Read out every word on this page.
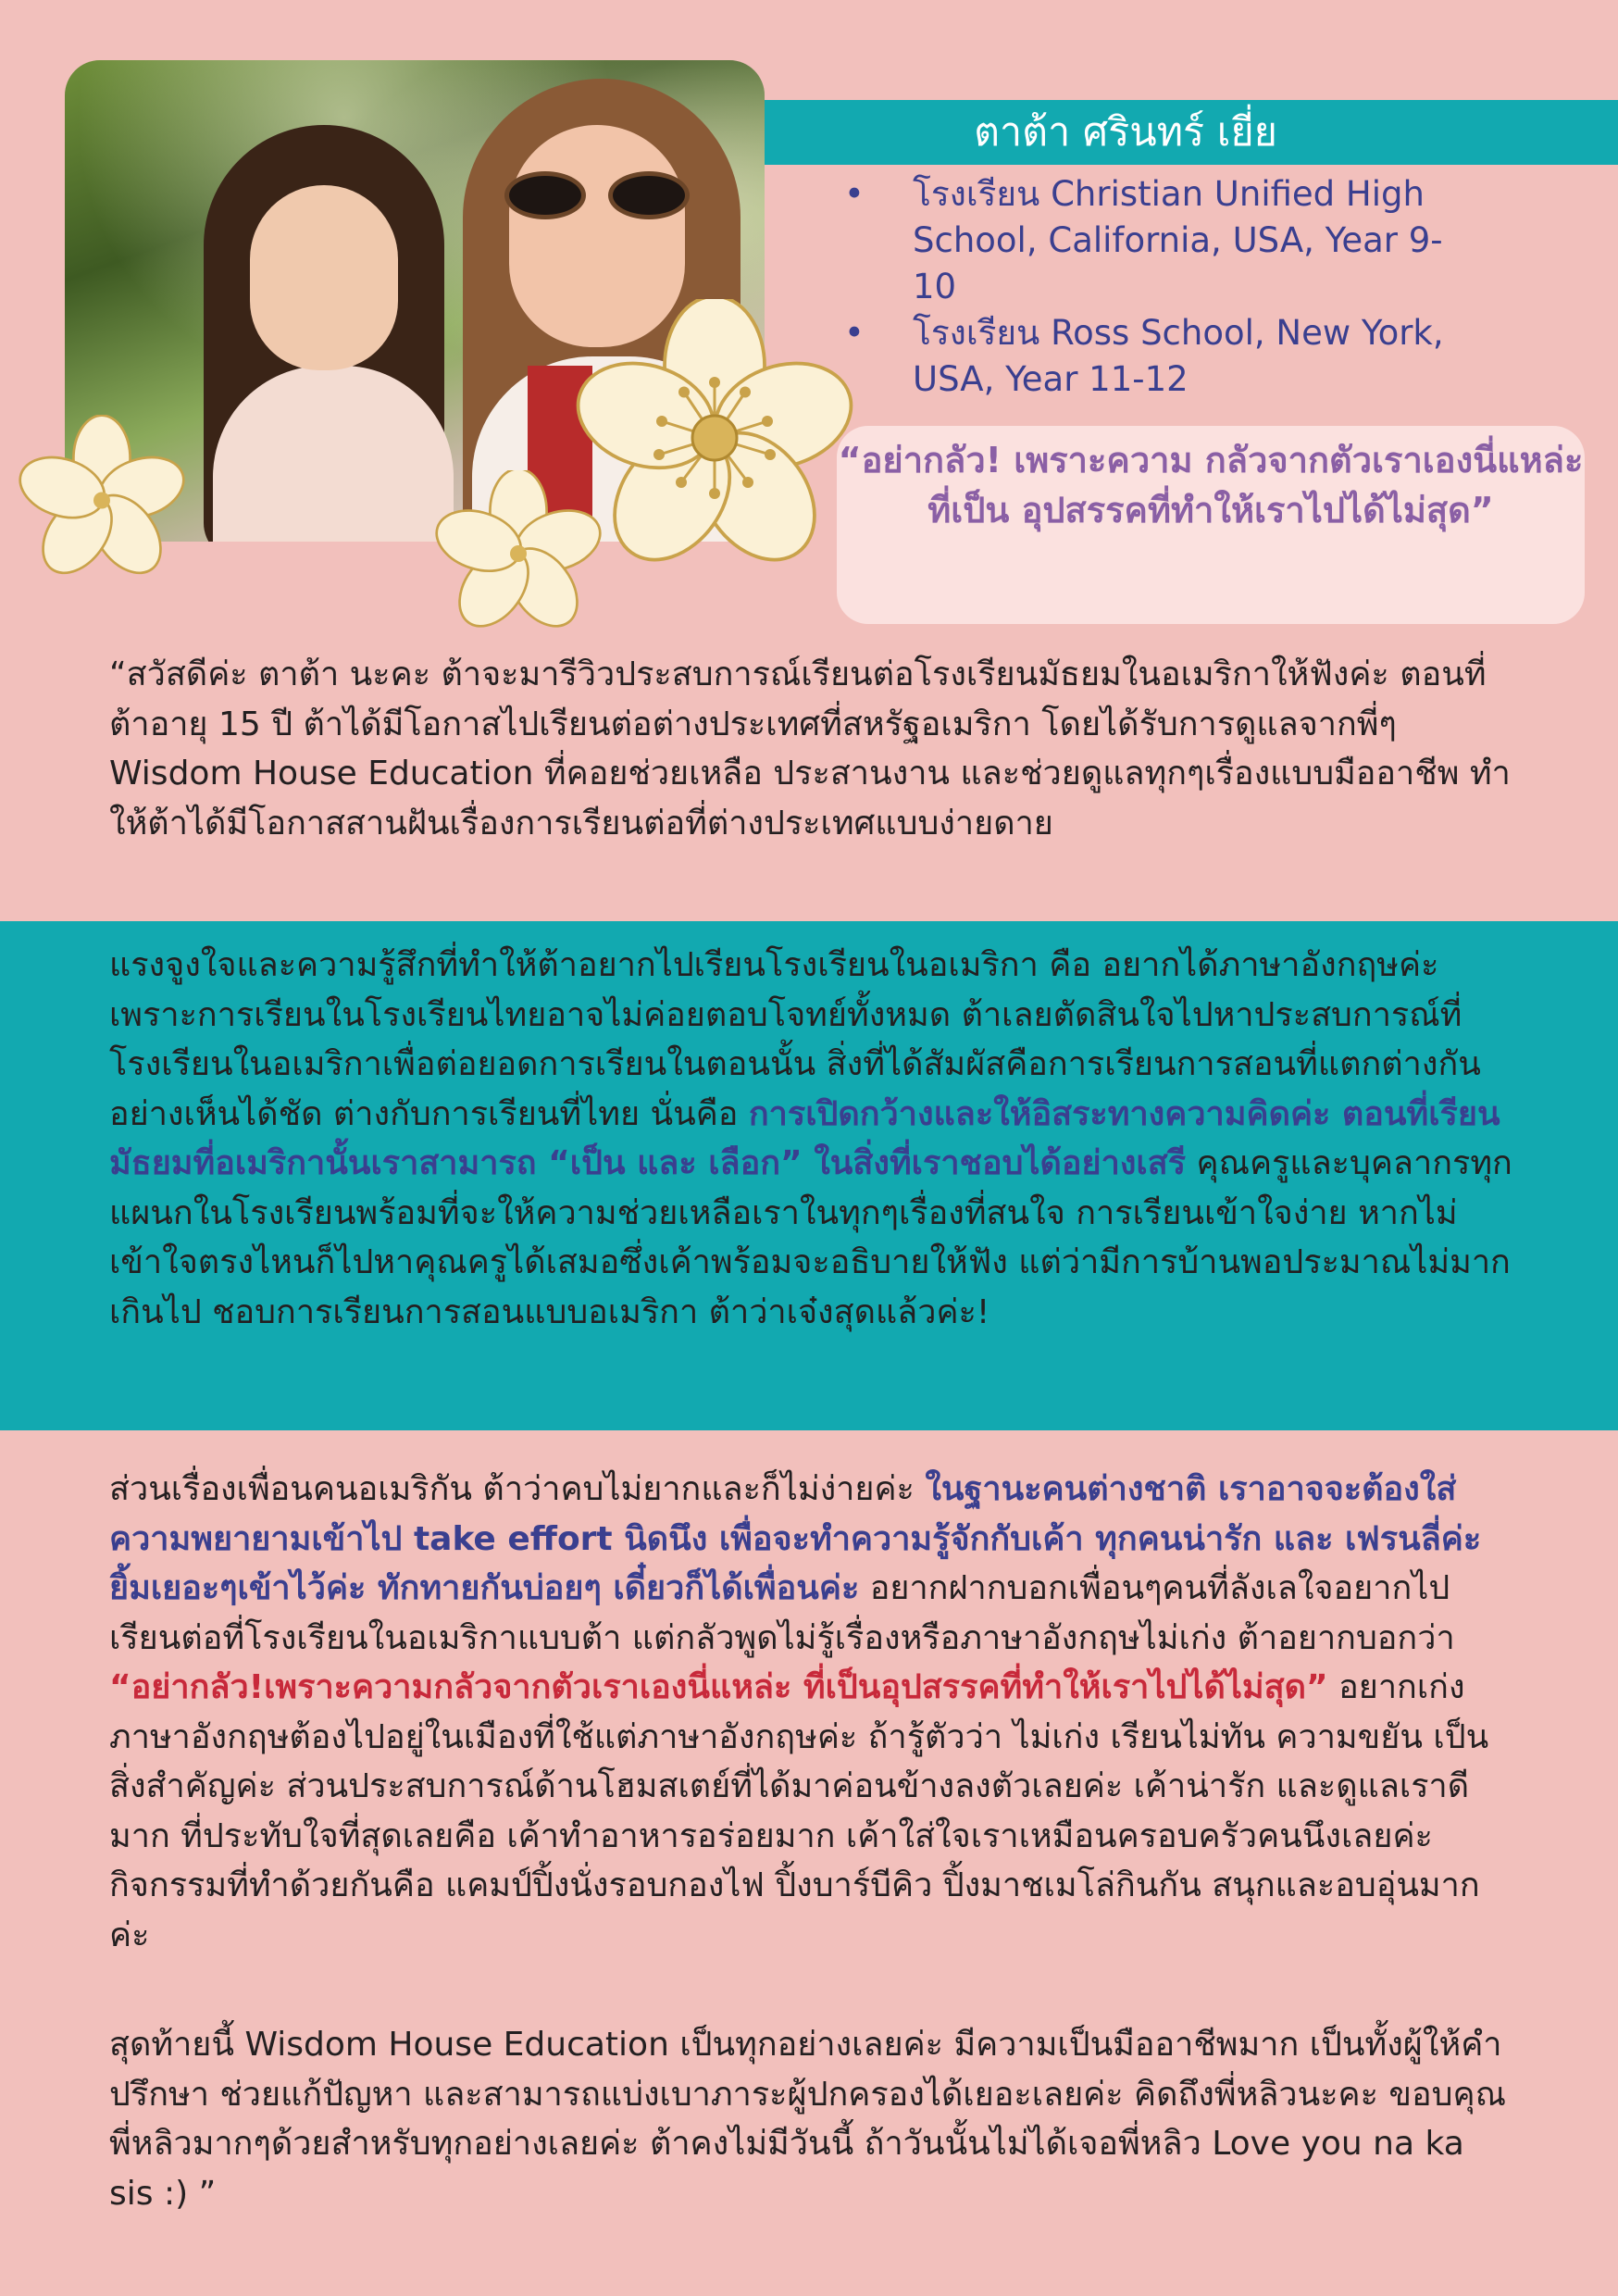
ตาต้า ศรินทร์ เยี่ย
• โรงเรียน Christian Unified High School, California, USA, Year 9-10
• โรงเรียน Ross School, New York, USA, Year 11-12
“อย่ากลัว! เพราะความ กลัวจากตัวเราเองนี่แหล่ะ ที่เป็น อุปสรรคที่ทำให้เราไปได้ไม่สุด”

“สวัสดีค่ะ ตาต้า นะคะ ต้าจะมารีวิวประสบการณ์เรียนต่อโรงเรียนมัธยมในอเมริกาให้ฟังค่ะ ตอนที่ต้าอายุ 15 ปี ต้าได้มีโอกาสไปเรียนต่อต่างประเทศที่สหรัฐอเมริกา โดยได้รับการดูแลจากพี่ๆ Wisdom House Education ที่คอยช่วยเหลือ ประสานงาน และช่วยดูแลทุกๆเรื่องแบบมืออาชีพ ทำให้ต้าได้มีโอกาสสานฝันเรื่องการเรียนต่อที่ต่างประเทศแบบง่ายดาย

แรงจูงใจและความรู้สึกที่ทำให้ต้าอยากไปเรียนโรงเรียนในอเมริกา คือ อยากได้ภาษาอังกฤษค่ะ เพราะการเรียนในโรงเรียนไทยอาจไม่ค่อยตอบโจทย์ทั้งหมด ต้าเลยตัดสินใจไปหาประสบการณ์ที่โรงเรียนในอเมริกาเพื่อต่อยอดการเรียนในตอนนั้น สิ่งที่ได้สัมผัสคือการเรียนการสอนที่แตกต่างกันอย่างเห็นได้ชัด ต่างกับการเรียนที่ไทย นั่นคือ การเปิดกว้างและให้อิสระทางความคิดค่ะ ตอนที่เรียนมัธยมที่อเมริกานั้นเราสามารถ “เป็น และ เลือก” ในสิ่งที่เราชอบได้อย่างเสรี คุณครูและบุคลากรทุกแผนกในโรงเรียนพร้อมที่จะให้ความช่วยเหลือเราในทุกๆเรื่องที่สนใจ การเรียนเข้าใจง่าย หากไม่เข้าใจตรงไหนก็ไปหาคุณครูได้เสมอซึ่งเค้าพร้อมจะอธิบายให้ฟัง แต่ว่ามีการบ้านพอประมาณไม่มากเกินไป ชอบการเรียนการสอนแบบอเมริกา ต้าว่าเจ๋งสุดแล้วค่ะ!

ส่วนเรื่องเพื่อนคนอเมริกัน ต้าว่าคบไม่ยากและก็ไม่ง่ายค่ะ ในฐานะคนต่างชาติ เราอาจจะต้องใส่ความพยายามเข้าไป take effort นิดนึง เพื่อจะทำความรู้จักกับเค้า ทุกคนน่ารัก และ เฟรนลี่ค่ะ ยิ้มเยอะๆเข้าไว้ค่ะ ทักทายกันบ่อยๆ เดี๋ยวก็ได้เพื่อนค่ะ อยากฝากบอกเพื่อนๆคนที่ลังเลใจอยากไปเรียนต่อที่โรงเรียนในอเมริกาแบบต้า แต่กลัวพูดไม่รู้เรื่องหรือภาษาอังกฤษไม่เก่ง ต้าอยากบอกว่า “อย่ากลัว!เพราะความกลัวจากตัวเราเองนี่แหล่ะ ที่เป็นอุปสรรคที่ทำให้เราไปได้ไม่สุด” อยากเก่งภาษาอังกฤษต้องไปอยู่ในเมืองที่ใช้แต่ภาษาอังกฤษค่ะ ถ้ารู้ตัวว่า ไม่เก่ง เรียนไม่ทัน ความขยัน เป็นสิ่งสำคัญค่ะ ส่วนประสบการณ์ด้านโฮมสเตย์ที่ได้มาค่อนข้างลงตัวเลยค่ะ เค้าน่ารัก และดูแลเราดีมาก ที่ประทับใจที่สุดเลยคือ เค้าทำอาหารอร่อยมาก เค้าใส่ใจเราเหมือนครอบครัวคนนึงเลยค่ะ กิจกรรมที่ทำด้วยกันคือ แคมป์ปิ้งนั่งรอบกองไฟ ปิ้งบาร์บีคิว ปิ้งมาชเมโล่กินกัน สนุกและอบอุ่นมากค่ะ

สุดท้ายนี้ Wisdom House Education เป็นทุกอย่างเลยค่ะ มีความเป็นมืออาชีพมาก เป็นทั้งผู้ให้คำปรึกษา ช่วยแก้ปัญหา และสามารถแบ่งเบาภาระผู้ปกครองได้เยอะเลยค่ะ คิดถึงพี่หลิวนะคะ ขอบคุณพี่หลิวมากๆด้วยสำหรับทุกอย่างเลยค่ะ ต้าคงไม่มีวันนี้ ถ้าวันนั้นไม่ได้เจอพี่หลิว Love you na ka sis :) ”
